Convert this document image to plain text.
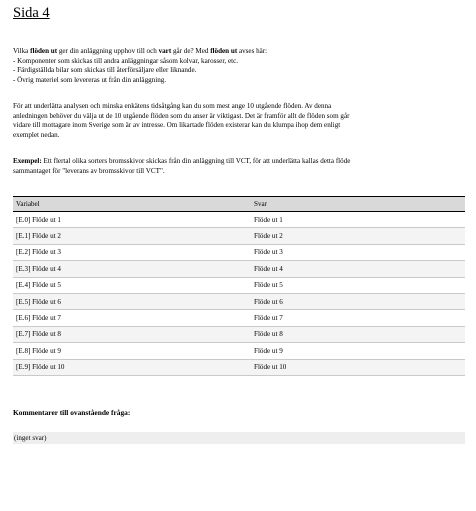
Sida 4
Vilka flöden ut ger din anläggning upphov till och vart går de? Med flöden ut avses här:
- Komponenter som skickas till andra anläggningar såsom kolvar, karosser, etc.
- Färdigställda bilar som skickas till återförsäljare eller liknande.
- Övrig materiel som levereras ut från din anläggning.
För att underlätta analysen och minska enkätens tidsåtgång kan du som mest ange 10 utgående flöden. Av denna
anledningen behöver du välja ut de 10 utgående flöden som du anser är viktigast. Det är framför allt de flöden som går
vidare till mottagare inom Sverige som är av intresse. Om likartade flöden existerar kan du klumpa ihop dem enligt
exemplet nedan.
Exempel: Ett flertal olika sorters bromsskivor skickas från din anläggning till VCT, för att underlätta kallas detta flöde
sammantaget för "leverans av bromsskivor till VCT".
Variabel	Svar
[E.0] Flöde ut 1	Flöde ut 1
[E.1] Flöde ut 2	Flöde ut 2
[E.2] Flöde ut 3	Flöde ut 3
[E.3] Flöde ut 4	Flöde ut 4
[E.4] Flöde ut 5	Flöde ut 5
[E.5] Flöde ut 6	Flöde ut 6
[E.6] Flöde ut 7	Flöde ut 7
[E.7] Flöde ut 8	Flöde ut 8
[E.8] Flöde ut 9	Flöde ut 9
[E.9] Flöde ut 10	Flöde ut 10

Kommentarer till ovanstående fråga:

(inget svar)
